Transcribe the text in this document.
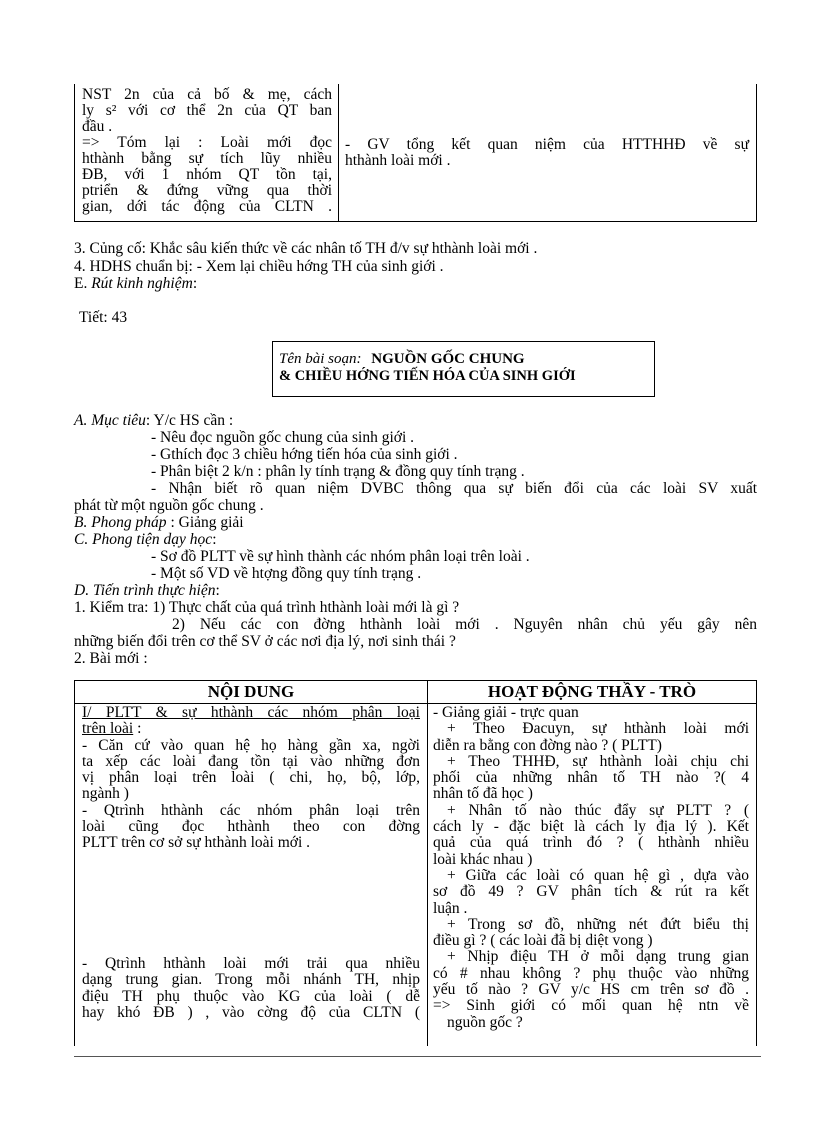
NST 2n của cả bố & mẹ, cách
ly s² với cơ thể 2n của QT ban
đầu .
=> Tóm lại : Loài mới đọc
hthành bằng sự tích lũy nhiều
ĐB, với 1 nhóm QT tồn tại,
ptriển & đứng vững qua thời
gian, dới tác động của CLTN .
- GV tổng kết quan niệm của HTTHHĐ về sự
hthành loài mới .
3. Củng cố: Khắc sâu kiến thức về các nhân tố TH đ/v sự hthành loài mới .
4. HDHS chuẩn bị: - Xem lại chiều hớng TH của sinh giới .
E. Rút kinh nghiệm:
Tiết: 43
Tên bài soạn: NGUỒN GỐC CHUNG
& CHIỀU HỚNG TIẾN HÓA CỦA SINH GIỚI
A. Mục tiêu: Y/c HS cần :
- Nêu đọc nguồn gốc chung của sinh giới .
- Gthích đọc 3 chiều hớng tiến hóa của sinh giới .
- Phân biệt 2 k/n : phân ly tính trạng & đồng quy tính trạng .
- Nhận biết rõ quan niệm DVBC thông qua sự biến đổi của các loài SV xuất
phát từ một nguồn gốc chung .
B. Phong pháp : Giảng giải
C. Phong tiện dạy học:
- Sơ đồ PLTT về sự hình thành các nhóm phân loại trên loài .
- Một số VD về htợng đồng quy tính trạng .
D. Tiến trình thực hiện:
1. Kiểm tra: 1) Thực chất của quá trình hthành loài mới là gì ?
2) Nếu các con đờng hthành loài mới . Nguyên nhân chủ yếu gây nên
những biến đổi trên cơ thể SV ở các nơi địa lý, nơi sinh thái ?
2. Bài mới :
NỘI DUNG	HOẠT ĐỘNG THẦY - TRÒ
I/ PLTT & sự hthành các nhóm phân loại
trên loài :
- Căn cứ vào quan hệ họ hàng gần xa, ngời
ta xếp các loài đang tồn tại vào những đơn
vị phân loại trên loài ( chi, họ, bộ, lớp,
ngành )
- Qtrình hthành các nhóm phân loại trên
loài cũng đọc hthành theo con đờng
PLTT trên cơ sở sự hthành loài mới .
- Qtrình hthành loài mới trải qua nhiều
dạng trung gian. Trong mỗi nhánh TH, nhịp
điệu TH phụ thuộc vào KG của loài ( dễ
hay khó ĐB ) , vào cờng độ của CLTN (
- Giảng giải - trực quan
+ Theo Đacuyn, sự hthành loài mới
diễn ra bằng con đờng nào ? ( PLTT)
+ Theo THHĐ, sự hthành loài chịu chi
phối của những nhân tố TH nào ?( 4
nhân tố đã học )
+ Nhân tố nào thúc đẩy sự PLTT ? (
cách ly - đặc biệt là cách ly địa lý ). Kết
quả của quá trình đó ? ( hthành nhiều
loài khác nhau )
+ Giữa các loài có quan hệ gì , dựa vào
sơ đồ 49 ? GV phân tích & rút ra kết
luận .
+ Trong sơ đồ, những nét đứt biểu thị
điều gì ? ( các loài đã bị diệt vong )
+ Nhịp điệu TH ở mỗi dạng trung gian
có # nhau không ? phụ thuộc vào những
yếu tố nào ? GV y/c HS cm trên sơ đồ .
=> Sinh giới có mối quan hệ ntn về
nguồn gốc ?
